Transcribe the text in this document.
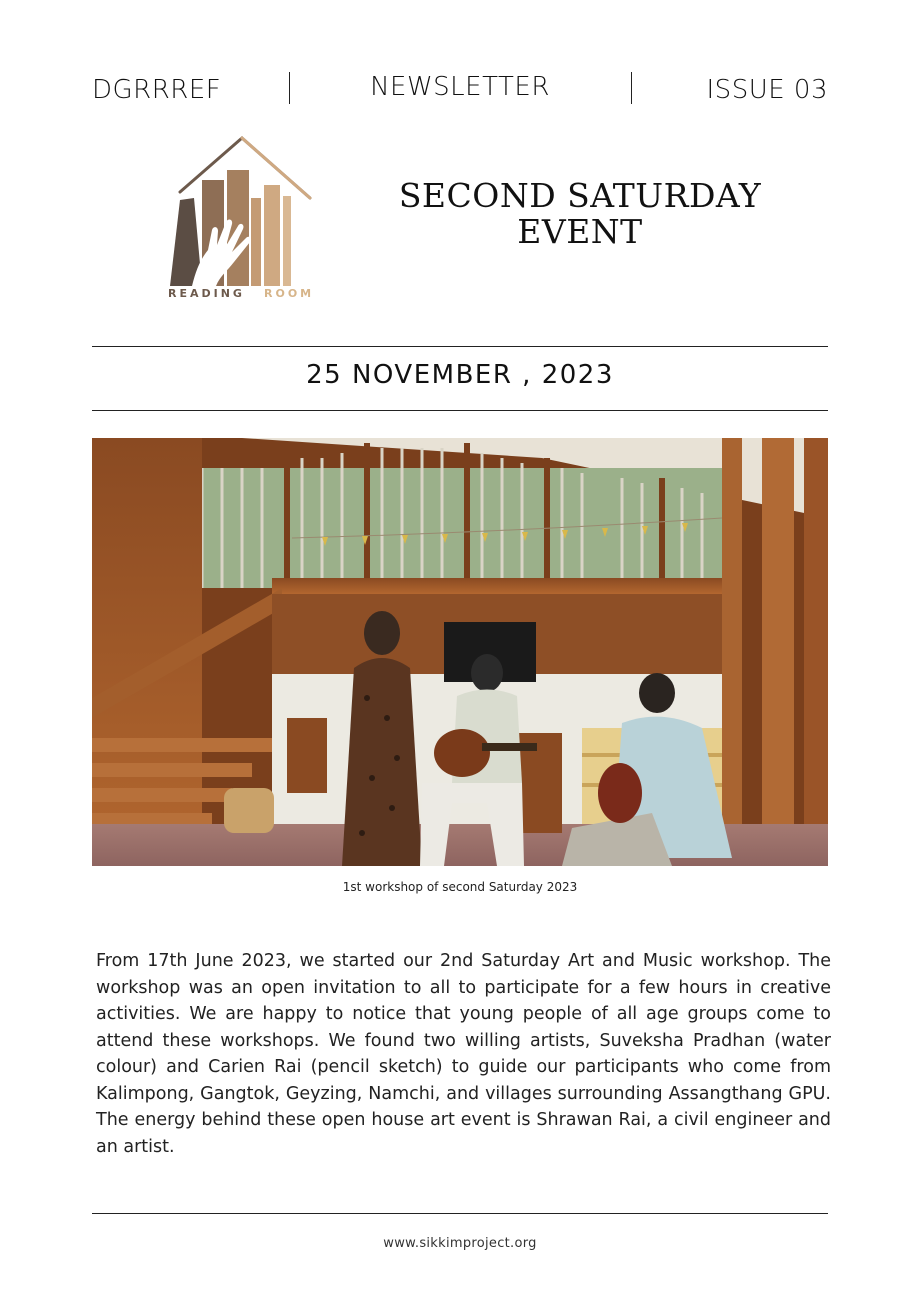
DGRRREF	NEWSLETTER	ISSUE 03
READING ROOM
SECOND SATURDAY
EVENT
25 NOVEMBER , 2023
1st workshop of second Saturday 2023

From 17th June 2023, we started our 2nd Saturday Art and Music workshop. The workshop was an open invitation to all to participate for a few hours in creative activities. We are happy to notice that young people of all age groups come to attend these workshops. We found two willing artists, Suveksha Pradhan (water colour) and Carien Rai (pencil sketch) to guide our participants who come from Kalimpong, Gangtok, Geyzing, Namchi, and villages surrounding Assangthang GPU. The energy behind these open house art event is Shrawan Rai, a civil engineer and an artist.

www.sikkimproject.org
